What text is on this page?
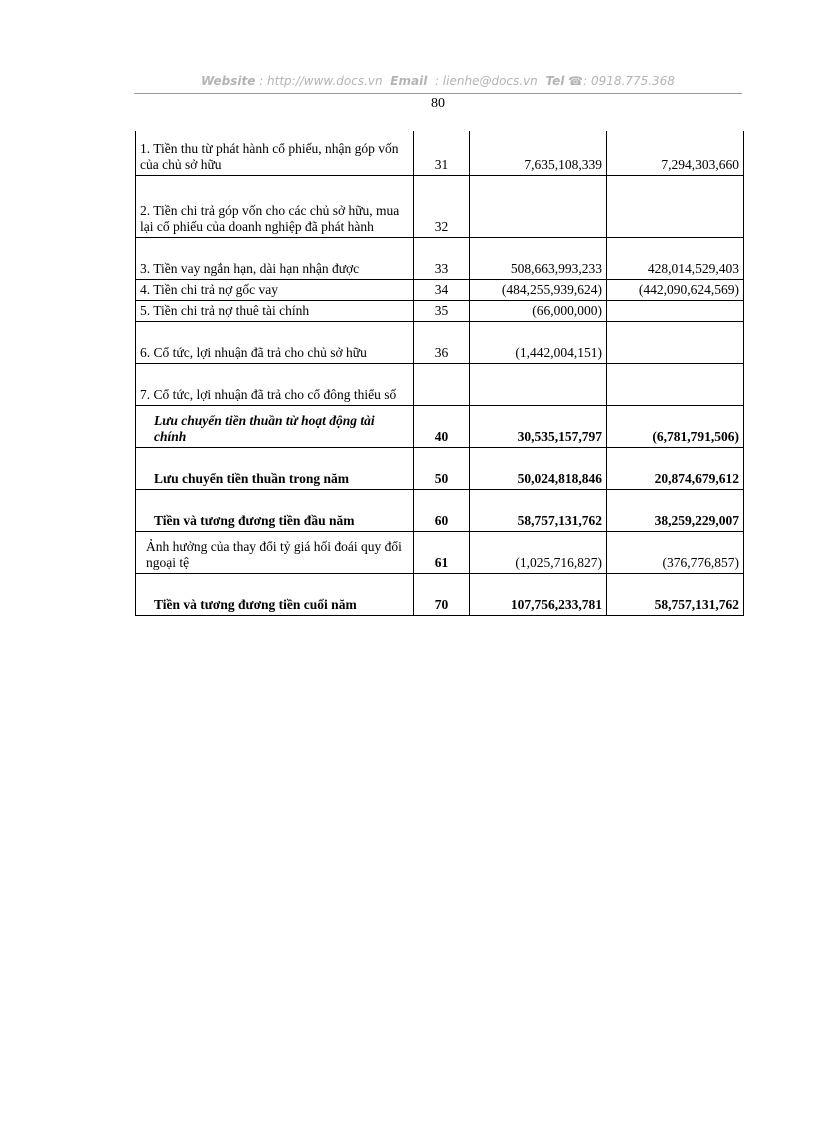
Website : http://www.docs.vn Email : lienhe@docs.vn Tel ☎: 0918.775.368
80
1. Tiền thu từ phát hành cổ phiếu, nhận góp vốn của chủ sở hữu	31	7,635,108,339	7,294,303,660
2. Tiền chi trả góp vốn cho các chủ sở hữu, mua lại cổ phiếu của doanh nghiệp đã phát hành	32		
3. Tiền vay ngắn hạn, dài hạn nhận được	33	508,663,993,233	428,014,529,403
4. Tiền chi trả nợ gốc vay	34	(484,255,939,624)	(442,090,624,569)
5. Tiền chi trả nợ thuê tài chính	35	(66,000,000)	
6. Cổ tức, lợi nhuận đã trả cho chủ sở hữu	36	(1,442,004,151)	
7. Cổ tức, lợi nhuận đã trả cho cổ đông thiểu số			
Lưu chuyển tiền thuần từ hoạt động tài chính	40	30,535,157,797	(6,781,791,506)
Lưu chuyển tiền thuần trong năm	50	50,024,818,846	20,874,679,612
Tiền và tương đương tiền đầu năm	60	58,757,131,762	38,259,229,007
Ảnh hưởng của thay đổi tỷ giá hối đoái quy đổi ngoại tệ	61	(1,025,716,827)	(376,776,857)
Tiền và tương đương tiền cuối năm	70	107,756,233,781	58,757,131,762
